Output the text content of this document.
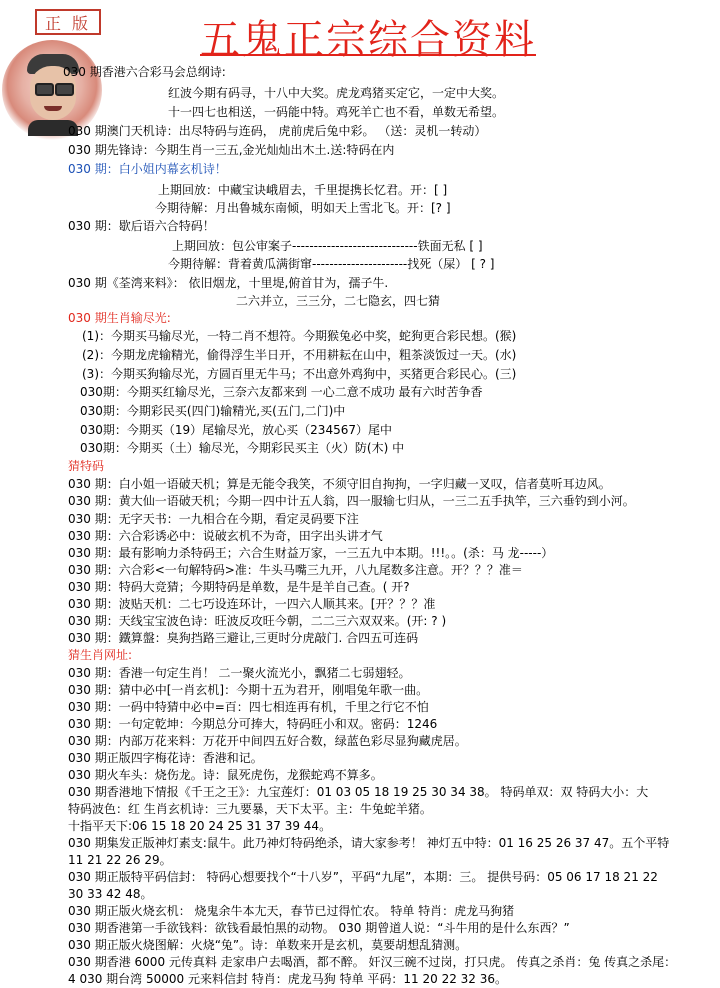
正 版	五鬼正宗综合资料
030 期香港六合彩马会总纲诗:
红波今期有码寻，十八中大奖。虎龙鸡猪买定它，一定中大奖。
十一四七也相送，一码能中特。鸡死羊亡也不看，单数无希望。
030 期澳门天机诗：出尽特码与连码， 虎前虎后兔中彩。 （送：灵机一转动）
030 期先锋诗：今期生肖一三五,金光灿灿出木土.送:特码在内
030 期：白小姐内幕玄机诗！
上期回放：中藏宝诀峨眉去，千里提携长忆君。开：[ ]
今期待解：月出鲁城东南倾，明如天上雪北飞。开：[? ]
030 期：歇后语六合特码！
上期回放：包公审案子-----------------------------铁面无私 [ ]
今期待解：背着黄瓜满街窜----------------------找死（屎） [ ? ]
030 期《荃湾来料》： 依旧烟龙，十里堤,俯首甘为，孺子牛.
二六并立，三三分，二七隐玄，四七猜
030 期生肖输尽光:
(1)：今期买马输尽光，一特二肖不想符。今期猴兔必中奖，蛇狗更合彩民想。(猴)
(2)：今期龙虎输精光，偷得浮生半日开，不用耕耘在山中，粗茶淡饭过一天。(水)
(3)：今期买狗输尽光，方圆百里无牛马；不出意外鸡狗中，买猪更合彩民心。(三)
030期：今期买红输尽光，三奈六友都来到 一心二意不成功 最有六时苦争香
030期：今期彩民买(四门)输精光,买(五门,二门)中
030期：今期买（19）尾输尽光，放心买（234567）尾中
030期：今期买（土）输尽光，今期彩民买主（火）防(木) 中
猜特码
030 期：白小姐一语破天机；算是无能令我笑，不须守旧自拘拘，一字归藏一叉叹，信者莫听耳边风。
030 期：黄大仙一语破天机；今期一四中计五人翁，四一服输七归从，一三二五手执竿，三六垂钓到小河。
030 期：无字天书：一九相合在今期，看定灵码要下注
030 期：六合彩诱必中：说破玄机不为奇，田字出头讲才气
030 期：最有影响力杀特码王；六合生财益万家，一三五九中本期。!!!。。(杀：马 龙-----）
030 期：六合彩<一句解特码>准：牛头马嘴三九开，八九尾数多注意。开？？？准＝
030 期：特码大竞猜；今期特码是单数，是牛是羊自己查。( 开?
030 期：波贴天机：二七巧设连环计，一四六人顺其来。[开？？？准
030 期：天线宝宝波色诗：旺波反攻旺今朝，二二三六双双来。(开: ? )
030 期：鐵算盤：臭狗挡路三避让,三更时分虎敲门. 合四五可连码
猜生肖网址:
030 期：香港一句定生肖！ 二一聚火流光小，飘猪二七弱翅轻。
030 期：猜中必中[一肖玄机]：今期十五为君开，刚唱兔年歌一曲。
030 期：一码中特猜中必中=百：四七相连再有机，千里之行它不怕
030 期：一句定乾坤：今期总分可捧大，特码旺小和双。密码：1246
030 期：内部万花来料：万花开中间四五好合数，绿蓝色彩尽显狗藏虎居。
030 期正版四字梅花诗：香港和记。
030 期火车头：烧伤龙。诗：鼠死虎伤，龙猴蛇鸡不算多。
030 期香港地下情报《千王之王》：九宝莲灯：01 03 05 18 19 25 30 34 38。 特码单双：双 特码大小：大
特码波色：红 生肖玄机诗：三九要暴，天下太平。主：牛兔蛇羊猪。
十指平天下:06 15 18 20 24 25 31 37 39 44。
030 期集发正版神灯素支:鼠牛。此乃神灯特码绝杀，请大家参考！ 神灯五中特：01 16 25 26 37 47。五个平特
11 21 22 26 29。
030 期正版特平码信封： 特码心想要找个“十八岁”，平码“九尾”，本期：三。 提供号码：05 06 17 18 21 22
30 33 42 48。
030 期正版火烧玄机： 烧鬼余牛本尢天，春节已过得忙农。 特单 特肖：虎龙马狗猪
030 期香港第一手欲钱料：欲钱看最怕黑的动物。 030 期曾道人说：“斗牛用的是什么东西？”
030 期正版火烧图解：火烧“兔”。诗：单数来开是玄机，莫要胡想乱猜测。
030 期香港 6000 元传真料 走家串户去喝酒，都不醉。 奸汉三碗不过岗，打只虎。 传真之杀肖：兔 传真之杀尾：
4 030 期台湾 50000 元来料信封 特肖：虎龙马狗 特单 平码：11 20 22 32 36。
